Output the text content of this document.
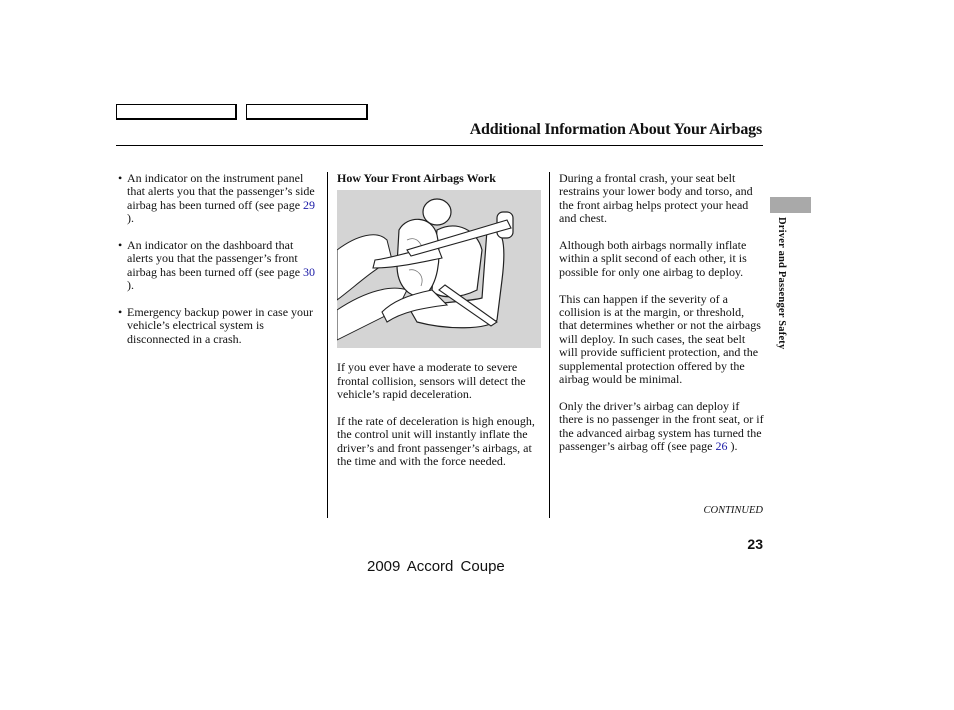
Additional Information About Your Airbags
• An indicator on the instrument panel that alerts you that the passenger’s side airbag has been turned off (see page 29 ).
• An indicator on the dashboard that alerts you that the passenger’s front airbag has been turned off (see page 30 ).
• Emergency backup power in case your vehicle’s electrical system is disconnected in a crash.
How Your Front Airbags Work

If you ever have a moderate to severe frontal collision, sensors will detect the vehicle’s rapid deceleration.

If the rate of deceleration is high enough, the control unit will instantly inflate the driver’s and front passenger’s airbags, at the time and with the force needed.

During a frontal crash, your seat belt restrains your lower body and torso, and the front airbag helps protect your head and chest.

Although both airbags normally inflate within a split second of each other, it is possible for only one airbag to deploy.

This can happen if the severity of a collision is at the margin, or threshold, that determines whether or not the airbags will deploy. In such cases, the seat belt will provide sufficient protection, and the supplemental protection offered by the airbag would be minimal.

Only the driver’s airbag can deploy if there is no passenger in the front seat, or if the advanced airbag system has turned the passenger’s airbag off (see page 26 ).

Driver and Passenger Safety
CONTINUED
23
2009 Accord Coupe
